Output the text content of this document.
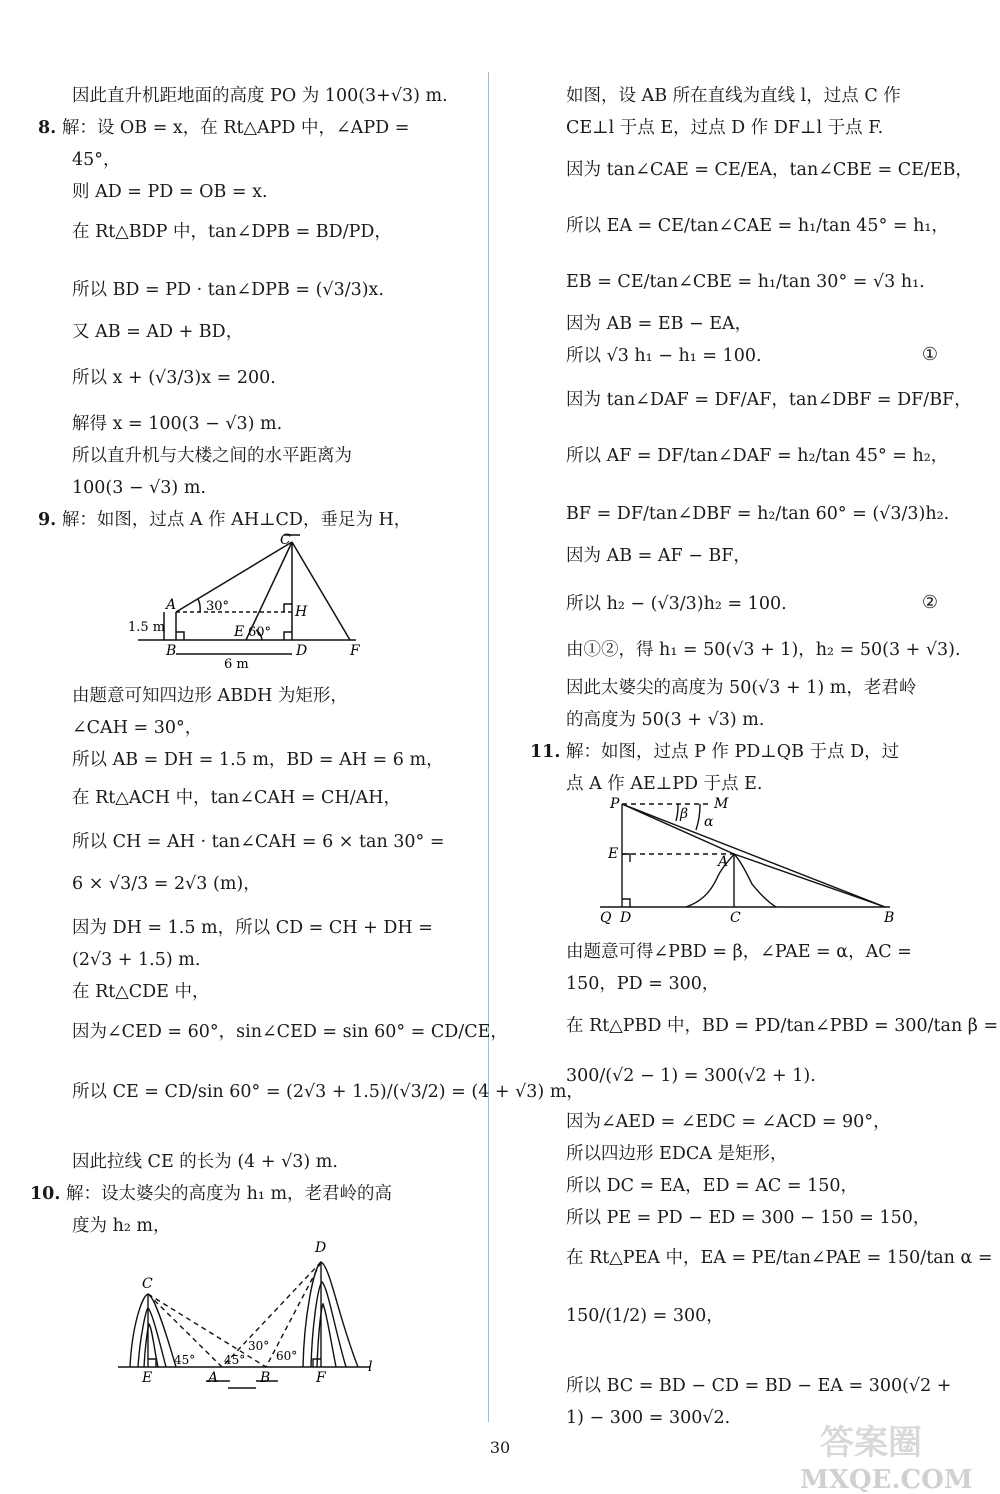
因此直升机距地面的高度 PO 为 100(3+√3) m.
8. 解：设 OB = x，在 Rt△APD 中，∠APD =
45°，
则 AD = PD = OB = x.
在 Rt△BDP 中，tan∠DPB = BD/PD，
所以 BD = PD · tan∠DPB = (√3/3)x.
又 AB = AD + BD，
所以 x + (√3/3)x = 200.
解得 x = 100(3 − √3) m.
所以直升机与大楼之间的水平距离为
100(3 − √3) m.
9. 解：如图，过点 A 作 AH⊥CD，垂足为 H，
由题意可知四边形 ABDH 为矩形，
∠CAH = 30°，
所以 AB = DH = 1.5 m，BD = AH = 6 m，
在 Rt△ACH 中，tan∠CAH = CH/AH，
所以 CH = AH · tan∠CAH = 6 × tan 30° =
6 × √3/3 = 2√3 (m)，
因为 DH = 1.5 m，所以 CD = CH + DH =
(2√3 + 1.5) m.
在 Rt△CDE 中，
因为∠CED = 60°，sin∠CED = sin 60° = CD/CE，
所以 CE = CD/sin 60° = (2√3 + 1.5)/(√3/2) = (4 + √3) m，
因此拉线 CE 的长为 (4 + √3) m.
10. 解：设太婆尖的高度为 h₁ m，老君岭的高
度为 h₂ m，
如图，设 AB 所在直线为直线 l，过点 C 作
CE⊥l 于点 E，过点 D 作 DF⊥l 于点 F.
因为 tan∠CAE = CE/EA，tan∠CBE = CE/EB，
所以 EA = CE/tan∠CAE = h₁/tan 45° = h₁，
EB = CE/tan∠CBE = h₁/tan 30° = √3 h₁.
因为 AB = EB − EA，
所以 √3 h₁ − h₁ = 100.
因为 tan∠DAF = DF/AF，tan∠DBF = DF/BF，
所以 AF = DF/tan∠DAF = h₂/tan 45° = h₂，
BF = DF/tan∠DBF = h₂/tan 60° = (√3/3)h₂.
因为 AB = AF − BF，
所以 h₂ − (√3/3)h₂ = 100.
由①②，得 h₁ = 50(√3 + 1)，h₂ = 50(3 + √3).
因此太婆尖的高度为 50(√3 + 1) m，老君岭
的高度为 50(3 + √3) m.
11. 解：如图，过点 P 作 PD⊥QB 于点 D，过
点 A 作 AE⊥PD 于点 E.
由题意可得∠PBD = β，∠PAE = α，AC =
150，PD = 300，
在 Rt△PBD 中，BD = PD/tan∠PBD = 300/tan β =
300/(√2 − 1) = 300(√2 + 1).
因为∠AED = ∠EDC = ∠ACD = 90°，
所以四边形 EDCA 是矩形，
所以 DC = EA，ED = AC = 150，
所以 PE = PD − ED = 300 − 150 = 150，
在 Rt△PEA 中，EA = PE/tan∠PAE = 150/tan α =
150/(1/2) = 300，
所以 BC = BD − CD = BD − EA = 300(√2 +
1) − 300 = 300√2.
①
②
C
A	H
E
B	D	F
30°
60°
1.5 m
6 m
C
D
E	A	B	F
l
45° 45°
30°
60°
P	M
β α
E	A
Q D	C	B
30	答案圈
MXQE.COM
